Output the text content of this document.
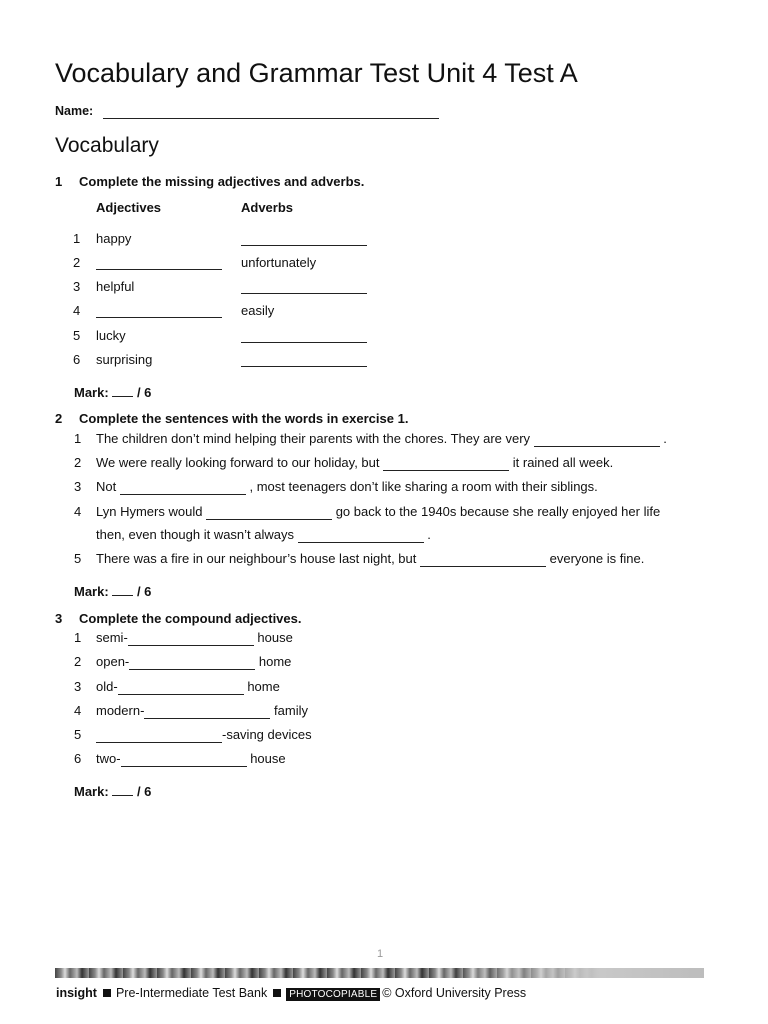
Vocabulary and Grammar Test Unit 4 Test A
Name:
Vocabulary
1 Complete the missing adjectives and adverbs.
Adjectives	Adverbs
1 happy
2	unfortunately
3 helpful
4	easily
5 lucky
6 surprising
Mark: / 6
2 Complete the sentences with the words in exercise 1.
1 The children don’t mind helping their parents with the chores. They are very	.
2 We were really looking forward to our holiday, but	it rained all week.
3 Not	, most teenagers don’t like sharing a room with their siblings.
4 Lyn Hymers would	go back to the 1940s because she really enjoyed her life
then, even though it wasn’t always	.
5 There was a fire in our neighbour’s house last night, but	everyone is fine.
Mark: / 6
3 Complete the compound adjectives.
1 semi-	house
2 open-	home
3 old-	home
4 modern-	family
5	-saving devices
6 two-	house
Mark: / 6
1
insight Pre-Intermediate Test Bank PHOTOCOPIABLE © Oxford University Press
